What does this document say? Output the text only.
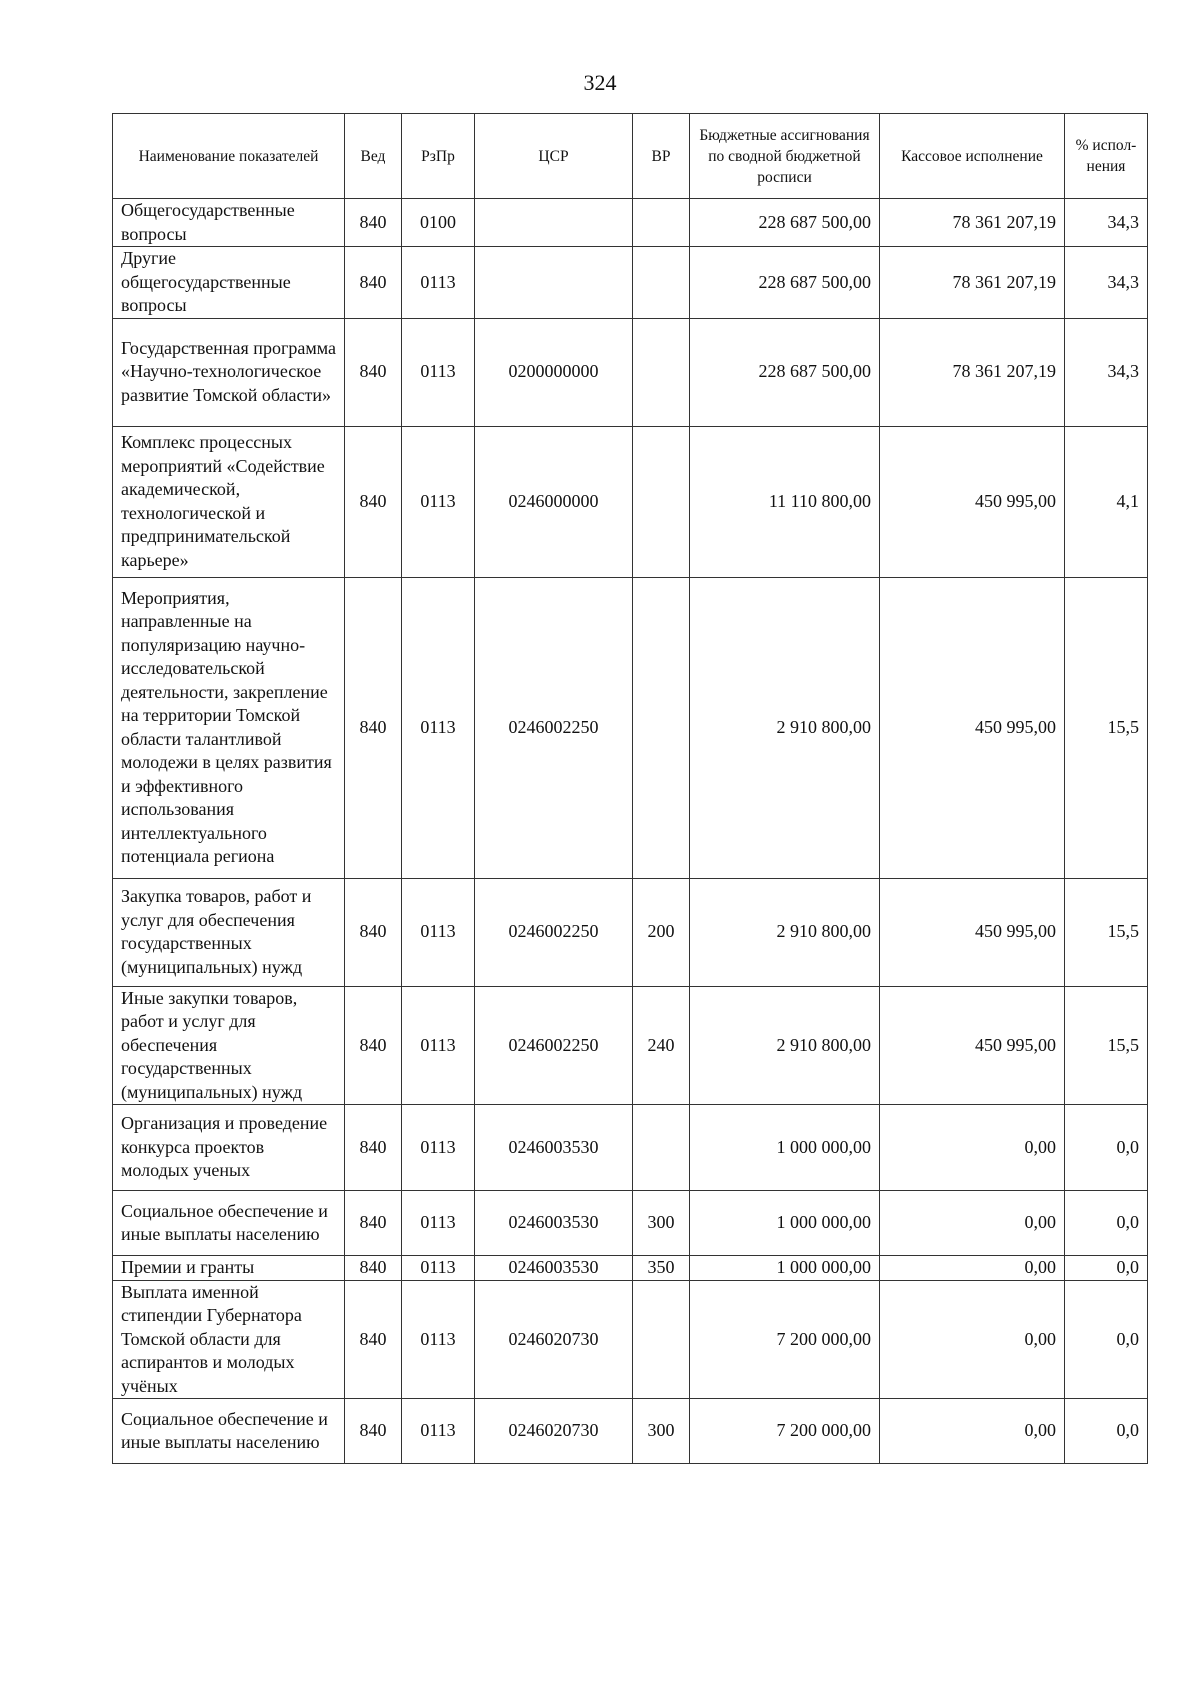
324
Наименование показателей	Вед	РзПр	ЦСР	ВР	Бюджетные ассигнования по сводной бюджетной росписи	Кассовое исполнение	% испол-нения
Общегосударственные вопросы	840	0100			228 687 500,00	78 361 207,19	34,3
Другие общегосударственные вопросы	840	0113			228 687 500,00	78 361 207,19	34,3
Государственная программа «Научно-технологическое развитие Томской области»	840	0113	0200000000		228 687 500,00	78 361 207,19	34,3
Комплекс процессных мероприятий «Содействие академической, технологической и предпринимательской карьере»	840	0113	0246000000		11 110 800,00	450 995,00	4,1
Мероприятия, направленные на популяризацию научно-исследовательской деятельности, закрепление на территории Томской области талантливой молодежи в целях развития и эффективного использования интеллектуального потенциала региона	840	0113	0246002250		2 910 800,00	450 995,00	15,5
Закупка товаров, работ и услуг для обеспечения государственных (муниципальных) нужд	840	0113	0246002250	200	2 910 800,00	450 995,00	15,5
Иные закупки товаров, работ и услуг для обеспечения государственных (муниципальных) нужд	840	0113	0246002250	240	2 910 800,00	450 995,00	15,5
Организация и проведение конкурса проектов молодых ученых	840	0113	0246003530		1 000 000,00	0,00	0,0
Социальное обеспечение и иные выплаты населению	840	0113	0246003530	300	1 000 000,00	0,00	0,0
Премии и гранты	840	0113	0246003530	350	1 000 000,00	0,00	0,0
Выплата именной стипендии Губернатора Томской области для аспирантов и молодых учёных	840	0113	0246020730		7 200 000,00	0,00	0,0
Социальное обеспечение и иные выплаты населению	840	0113	0246020730	300	7 200 000,00	0,00	0,0
